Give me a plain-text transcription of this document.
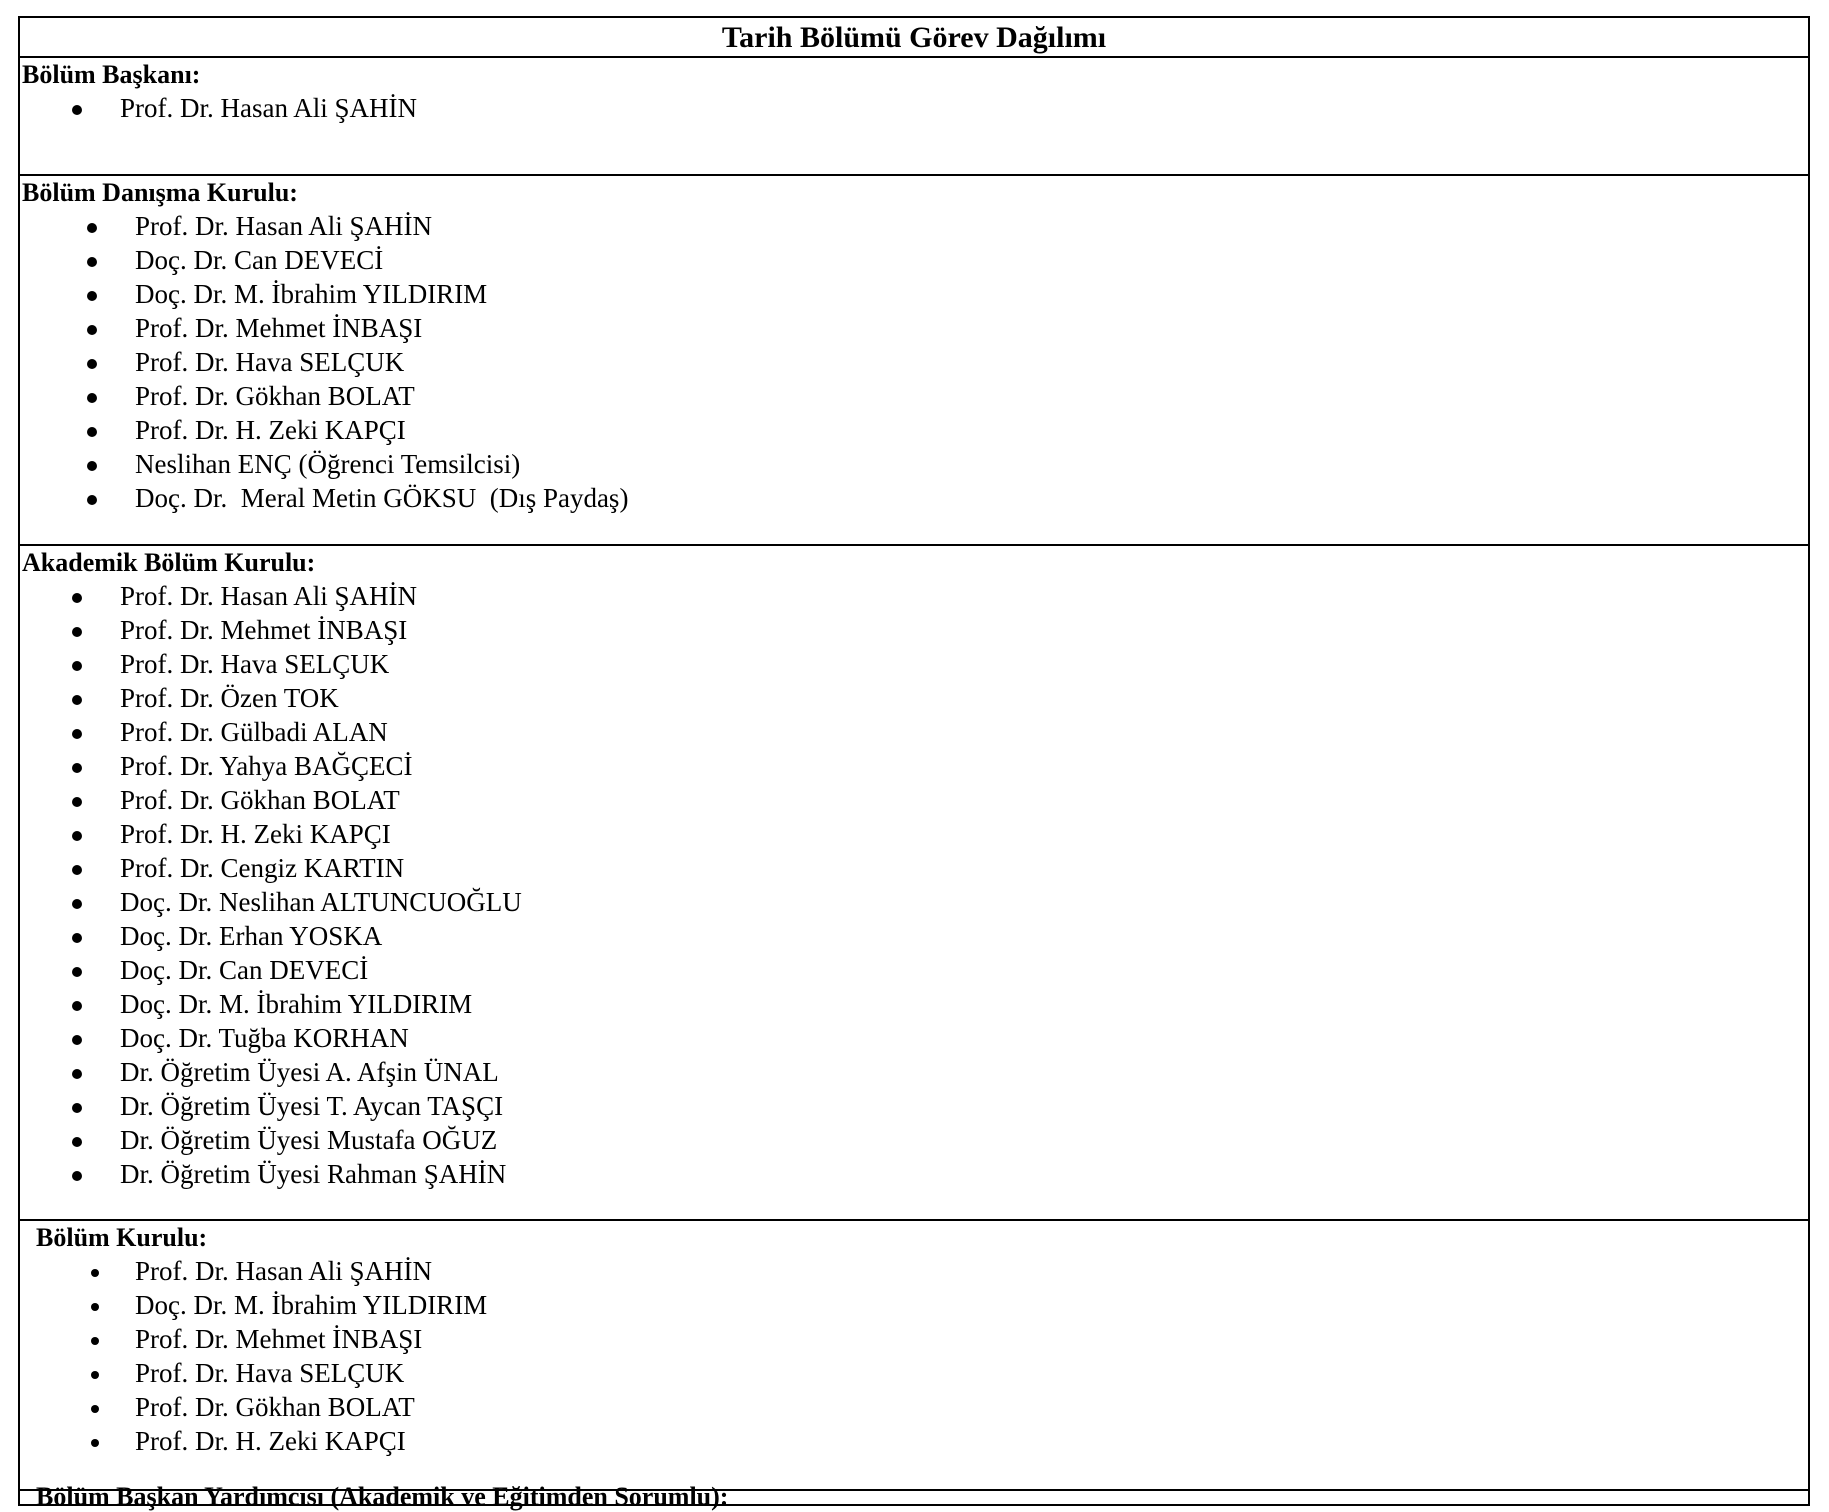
Tarih Bölümü Görev Dağılımı
Bölüm Başkanı:
Prof. Dr. Hasan Ali ŞAHİN
Bölüm Danışma Kurulu:
Prof. Dr. Hasan Ali ŞAHİN
Doç. Dr. Can DEVECİ
Doç. Dr. M. İbrahim YILDIRIM
Prof. Dr. Mehmet İNBAŞI
Prof. Dr. Hava SELÇUK
Prof. Dr. Gökhan BOLAT
Prof. Dr. H. Zeki KAPÇI
Neslihan ENÇ (Öğrenci Temsilcisi)
Doç. Dr.  Meral Metin GÖKSU  (Dış Paydaş)
Akademik Bölüm Kurulu:
Prof. Dr. Hasan Ali ŞAHİN
Prof. Dr. Mehmet İNBAŞI
Prof. Dr. Hava SELÇUK
Prof. Dr. Özen TOK
Prof. Dr. Gülbadi ALAN
Prof. Dr. Yahya BAĞÇECİ
Prof. Dr. Gökhan BOLAT
Prof. Dr. H. Zeki KAPÇI
Prof. Dr. Cengiz KARTIN
Doç. Dr. Neslihan ALTUNCUOĞLU
Doç. Dr. Erhan YOSKA
Doç. Dr. Can DEVECİ
Doç. Dr. M. İbrahim YILDIRIM
Doç. Dr. Tuğba KORHAN
Dr. Öğretim Üyesi A. Afşin ÜNAL
Dr. Öğretim Üyesi T. Aycan TAŞÇI
Dr. Öğretim Üyesi Mustafa OĞUZ
Dr. Öğretim Üyesi Rahman ŞAHİN
Bölüm Kurulu:
Prof. Dr. Hasan Ali ŞAHİN
Doç. Dr. M. İbrahim YILDIRIM
Prof. Dr. Mehmet İNBAŞI
Prof. Dr. Hava SELÇUK
Prof. Dr. Gökhan BOLAT
Prof. Dr. H. Zeki KAPÇI
Bölüm Başkan Yardımcısı (Akademik ve Eğitimden Sorumlu):
